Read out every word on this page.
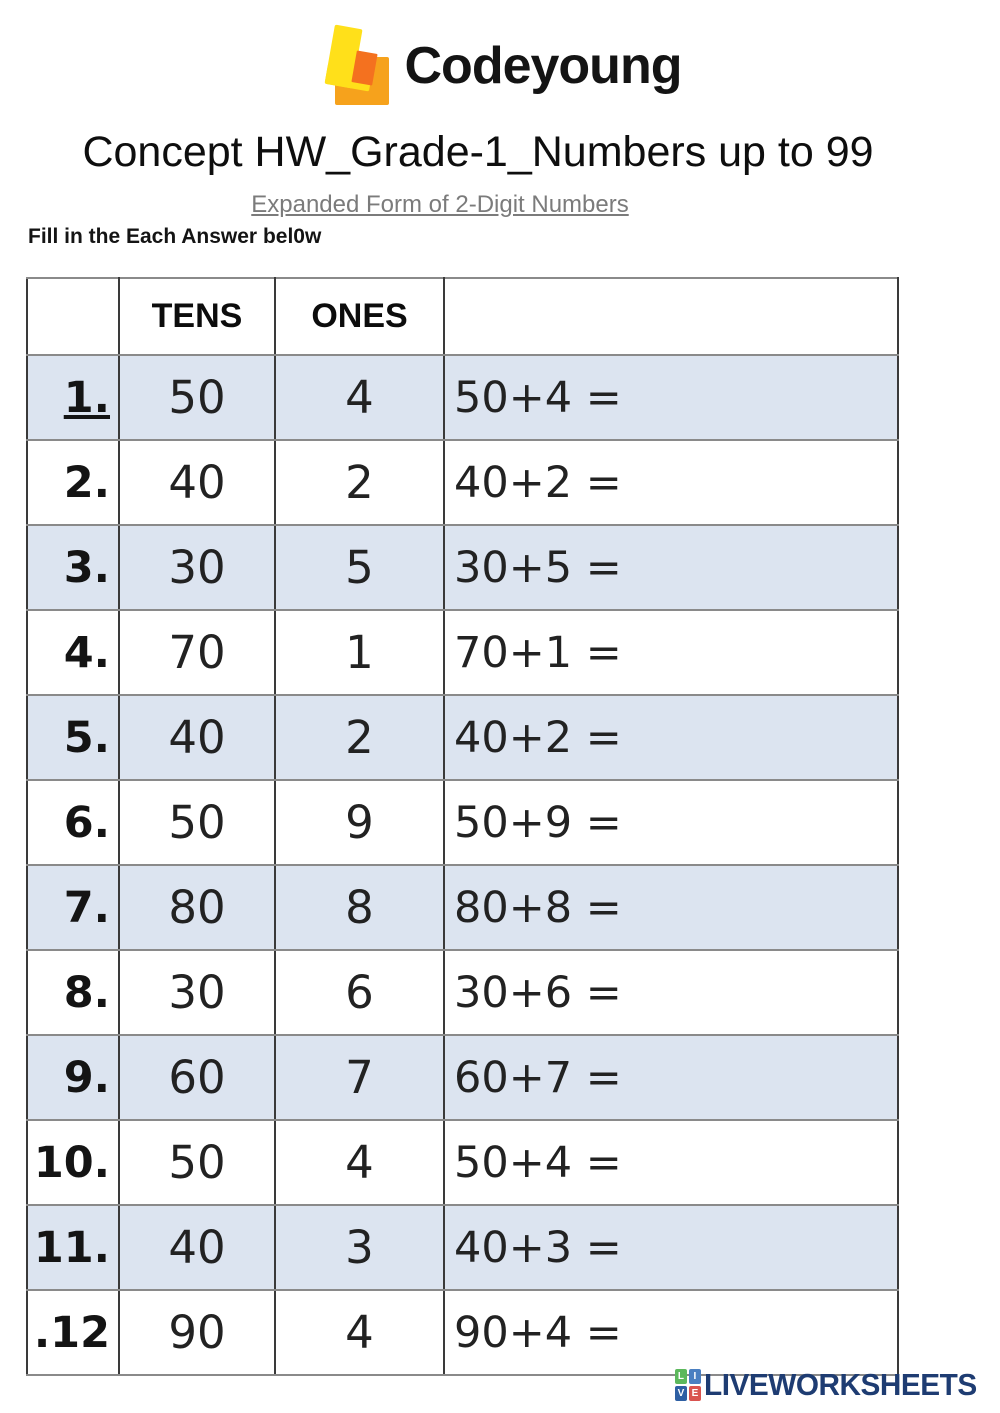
Codeyoung
Concept HW_Grade-1_Numbers up to 99
Expanded Form of 2-Digit Numbers
Fill in the Each Answer bel0w
	TENS	ONES	
1.	50	4	50+4 =
2.	40	2	40+2 =
3.	30	5	30+5 =
4.	70	1	70+1 =
5.	40	2	40+2 =
6.	50	9	50+9 =
7.	80	8	80+8 =
8.	30	6	30+6 =
9.	60	7	60+7 =
10.	50	4	50+4 =
11.	40	3	40+3 =
.12	90	4	90+4 =
L I
V E LIVEWORKSHEETS
